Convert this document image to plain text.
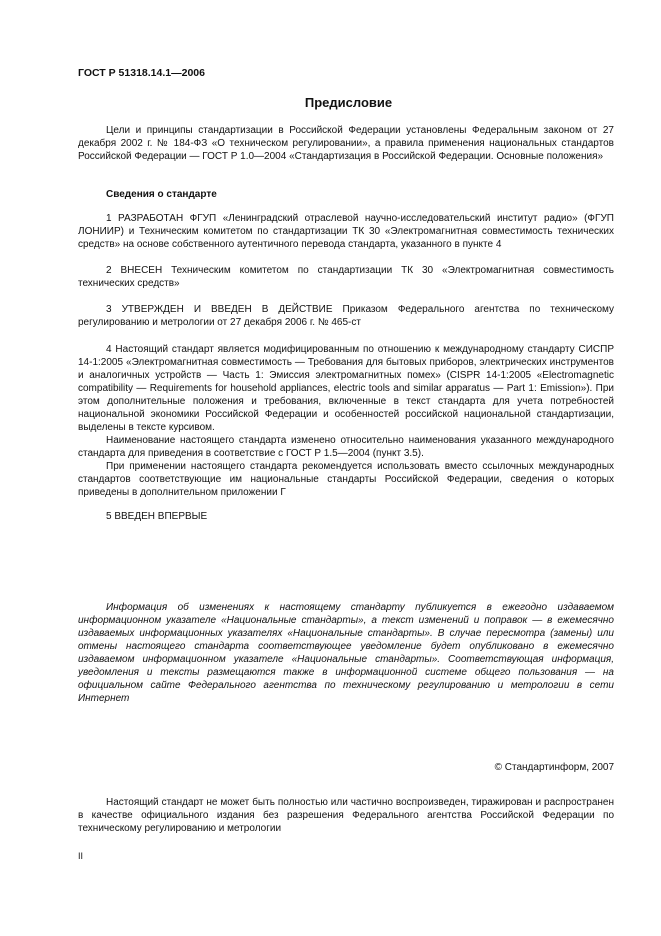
ГОСТ Р 51318.14.1—2006
Предисловие

Цели и принципы стандартизации в Российской Федерации установлены Федеральным законом от 27 декабря 2002 г. № 184-ФЗ «О техническом регулировании», а правила применения национальных стандартов Российской Федерации — ГОСТ Р 1.0—2004 «Стандартизация в Российской Федерации. Основные положения»

Сведения о стандарте

1 РАЗРАБОТАН ФГУП «Ленинградский отраслевой научно-исследовательский институт радио» (ФГУП ЛОНИИР) и Техническим комитетом по стандартизации ТК 30 «Электромагнитная совместимость технических средств» на основе собственного аутентичного перевода стандарта, указанного в пункте 4

2 ВНЕСЕН Техническим комитетом по стандартизации ТК 30 «Электромагнитная совместимость технических средств»

3 УТВЕРЖДЕН И ВВЕДЕН В ДЕЙСТВИЕ Приказом Федерального агентства по техническому регулированию и метрологии от 27 декабря 2006 г. № 465-ст

4 Настоящий стандарт является модифицированным по отношению к международному стандарту СИСПР 14-1:2005 «Электромагнитная совместимость — Требования для бытовых приборов, электрических инструментов и аналогичных устройств — Часть 1: Эмиссия электромагнитных помех» (CISPR 14-1:2005 «Electromagnetic compatibility — Requirements for household appliances, electric tools and similar apparatus — Part 1: Emission»). При этом дополнительные положения и требования, включенные в текст стандарта для учета потребностей национальной экономики Российской Федерации и особенностей российской национальной стандартизации, выделены в тексте курсивом.

Наименование настоящего стандарта изменено относительно наименования указанного международного стандарта для приведения в соответствие с ГОСТ Р 1.5—2004 (пункт 3.5).

При применении настоящего стандарта рекомендуется использовать вместо ссылочных международных стандартов соответствующие им национальные стандарты Российской Федерации, сведения о которых приведены в дополнительном приложении Г

5 ВВЕДЕН ВПЕРВЫЕ

Информация об изменениях к настоящему стандарту публикуется в ежегодно издаваемом информационном указателе «Национальные стандарты», а текст изменений и поправок — в ежемесячно издаваемых информационных указателях «Национальные стандарты». В случае пересмотра (замены) или отмены настоящего стандарта соответствующее уведомление будет опубликовано в ежемесячно издаваемом информационном указателе «Национальные стандарты». Соответствующая информация, уведомления и тексты размещаются также в информационной системе общего пользования — на официальном сайте Федерального агентства по техническому регулированию и метрологии в сети Интернет

© Стандартинформ, 2007

Настоящий стандарт не может быть полностью или частично воспроизведен, тиражирован и распространен в качестве официального издания без разрешения Федерального агентства Российской Федерации по техническому регулированию и метрологии

II
